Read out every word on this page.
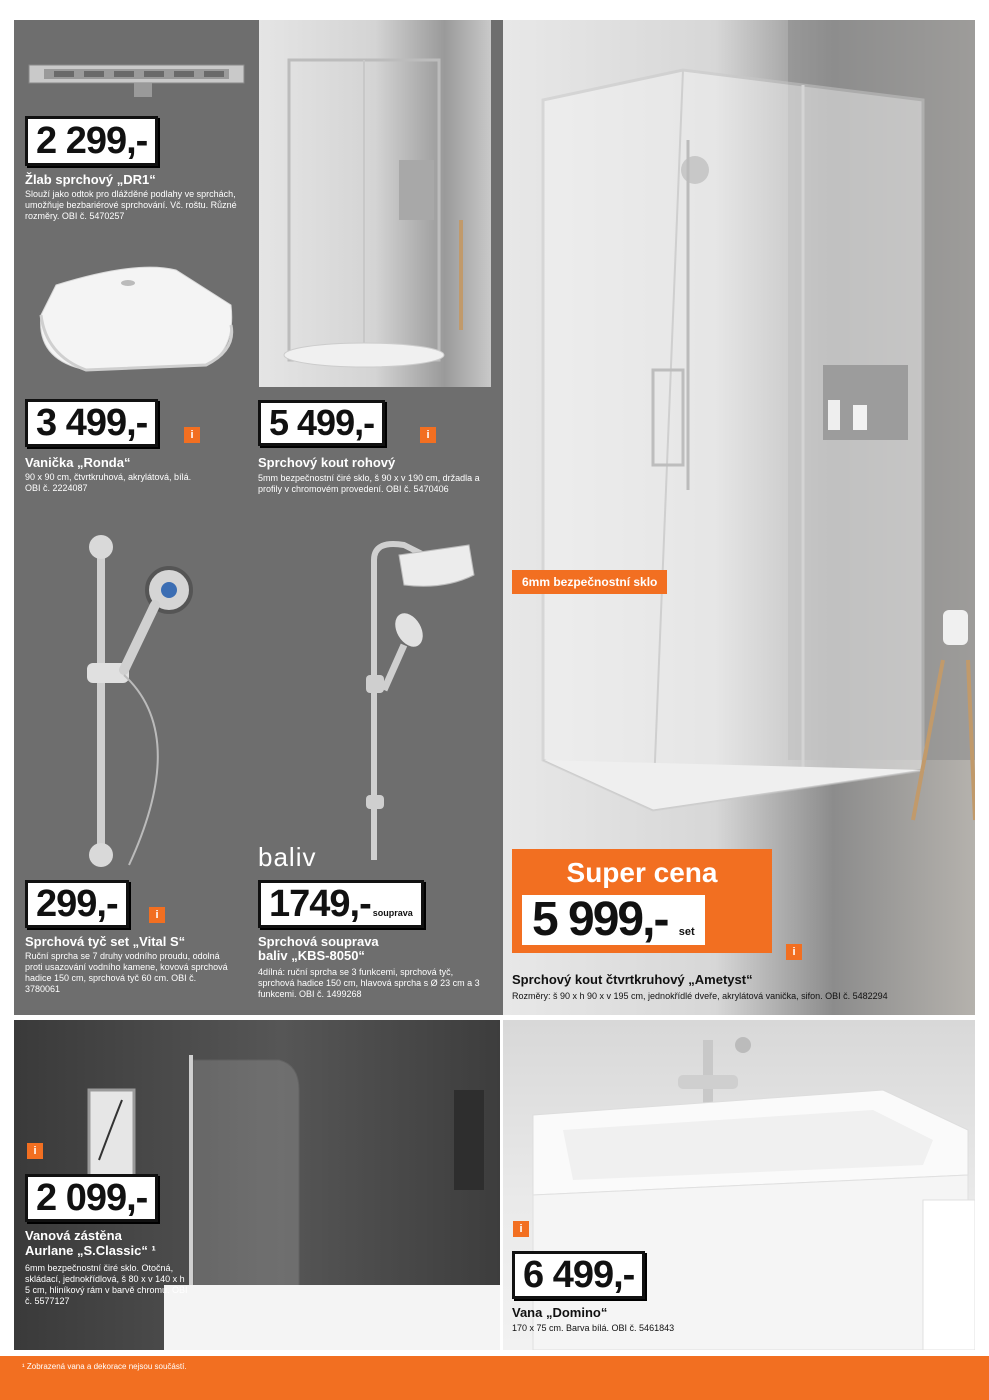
baliv
2 299,-
Žlab sprchový „DR1“
Slouží jako odtok pro dlážděné podlahy ve sprchách, umožňuje bezbariérové sprchování. Vč. roštu. Různé rozměry. OBI č. 5470257
3 499,-	i
Vanička „Ronda“
90 x 90 cm, čtvrtkruhová, akrylátová, bílá. OBI č. 2224087
5 499,-	i
Sprchový kout rohový
5mm bezpečnostní čiré sklo, š 90 x v 190 cm, držadla a profily v chromovém provedení. OBI č. 5470406
299,-	i
Sprchová tyč set „Vital S“
Ruční sprcha se 7 druhy vodního proudu, odolná proti usazování vodního kamene, kovová sprchová hadice 150 cm, sprchová tyč 60 cm. OBI č. 3780061
1749,- souprava
Sprchová souprava
baliv „KBS-8050“
4dílná: ruční sprcha se 3 funkcemi, sprchová tyč, sprchová hadice 150 cm, hlavová sprcha s Ø 23 cm a 3 funkcemi. OBI č. 1499268
6mm bezpečnostní sklo
Super cena
5 999,- set
i
Sprchový kout čtvrtkruhový „Ametyst“
Rozměry: š 90 x h 90 x v 195 cm, jednokřídlé dveře, akrylátová vanička, sifon. OBI č. 5482294
i
2 099,-
Vanová zástěna
Aurlane „S.Classic“ ¹
6mm bezpečnostní čiré sklo. Otočná, skládací, jednokřídlová, š 80 x v 140 x h 5 cm, hliníkový rám v barvě chromu. OBI č. 5577127
i
6 499,-
Vana „Domino“
170 x 75 cm. Barva bílá. OBI č. 5461843
¹ Zobrazená vana a dekorace nejsou součástí.
